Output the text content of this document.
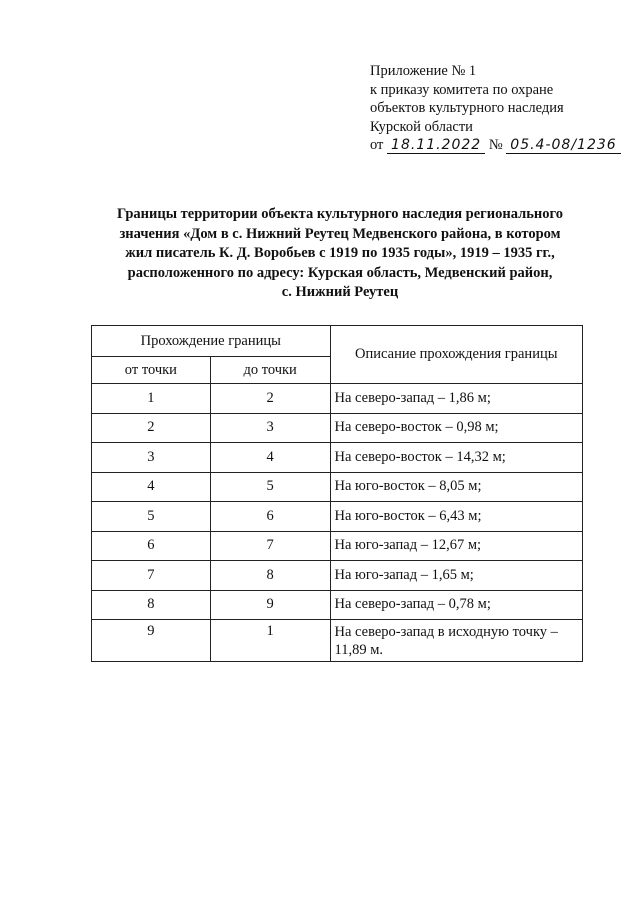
Приложение № 1
к приказу комитета по охране
объектов культурного наследия
Курской области
от 18.11.2022 № 05.4-08/1236
Границы территории объекта культурного наследия регионального
значения «Дом в с. Нижний Реутец Медвенского района, в котором
жил писатель К. Д. Воробьев с 1919 по 1935 годы», 1919 – 1935 гг.,
расположенного по адресу: Курская область, Медвенский район,
с. Нижний Реутец
Прохождение границы		Описание прохождения границы
от точки	до точки	
1	2	На северо-запад – 1,86 м;
2	3	На северо-восток – 0,98 м;
3	4	На северо-восток – 14,32 м;
4	5	На юго-восток – 8,05 м;
5	6	На юго-восток – 6,43 м;
6	7	На юго-запад – 12,67 м;
7	8	На юго-запад – 1,65 м;
8	9	На северо-запад – 0,78 м;
9	1	На северо-запад в исходную точку – 11,89 м.
